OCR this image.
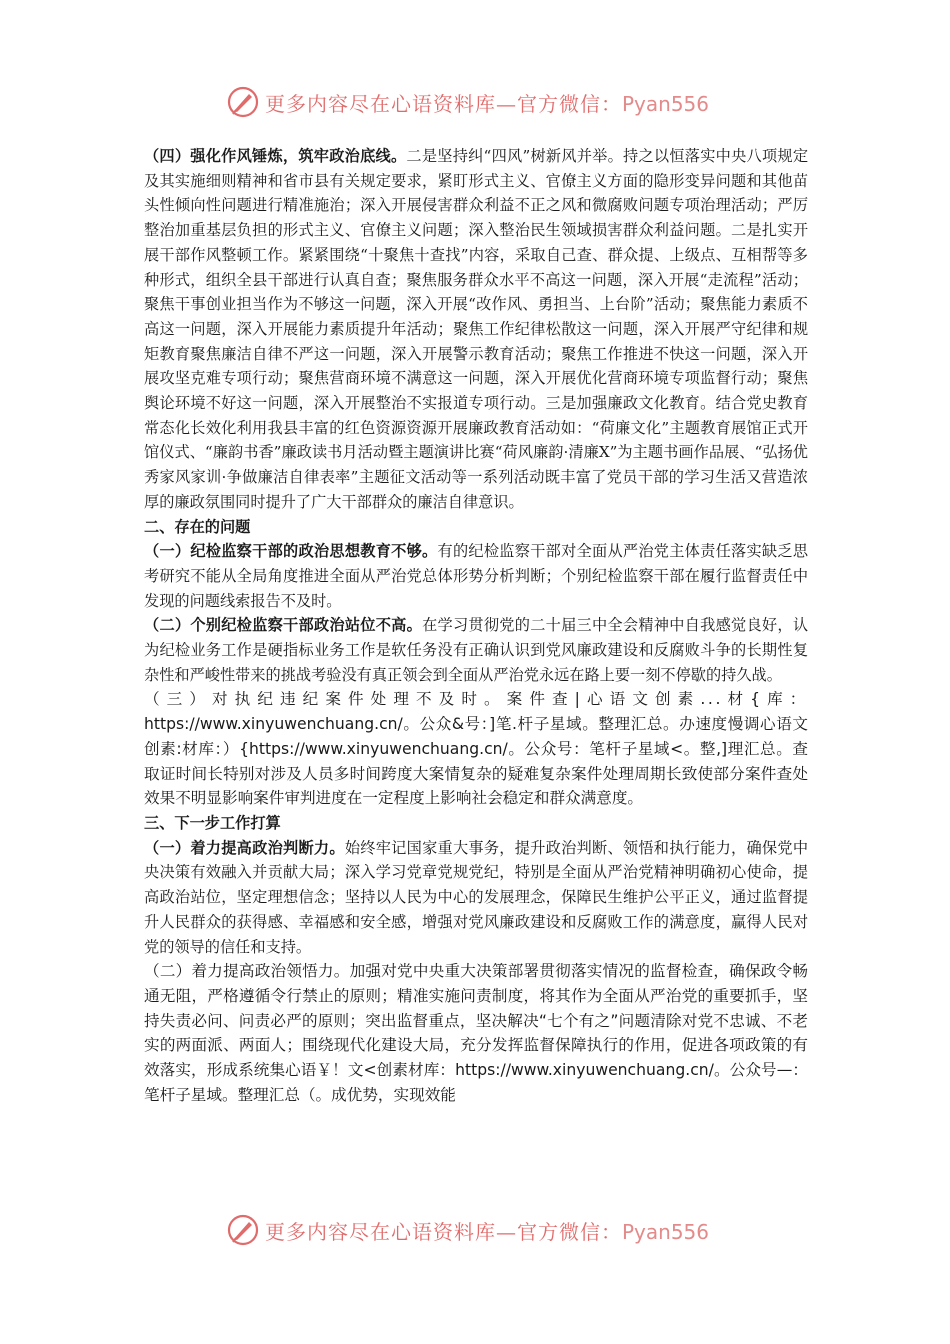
更多内容尽在心语资料库—官方微信：Pyan556

（四）强化作风锤炼，筑牢政治底线。二是坚持纠“四风”树新风并举。持之以恒落实中央八项规定及其实施细则精神和省市县有关规定要求，紧盯形式主义、官僚主义方面的隐形变异问题和其他苗头性倾向性问题进行精准施治；深入开展侵害群众利益不正之风和微腐败问题专项治理活动；严厉整治加重基层负担的形式主义、官僚主义问题；深入整治民生领域损害群众利益问题。二是扎实开展干部作风整顿工作。紧紧围绕“十聚焦十查找”内容，采取自己查、群众提、上级点、互相帮等多种形式，组织全县干部进行认真自查；聚焦服务群众水平不高这一问题，深入开展“走流程”活动；聚焦干事创业担当作为不够这一问题，深入开展“改作风、勇担当、上台阶”活动；聚焦能力素质不高这一问题，深入开展能力素质提升年活动；聚焦工作纪律松散这一问题，深入开展严守纪律和规矩教育聚焦廉洁自律不严这一问题，深入开展警示教育活动；聚焦工作推进不快这一问题，深入开展攻坚克难专项行动；聚焦营商环境不满意这一问题，深入开展优化营商环境专项监督行动；聚焦舆论环境不好这一问题，深入开展整治不实报道专项行动。三是加强廉政文化教育。结合党史教育常态化长效化利用我县丰富的红色资源资源开展廉政教育活动如：“荷廉文化”主题教育展馆正式开馆仪式、“廉韵书香”廉政读书月活动暨主题演讲比赛“荷风廉韵·清廉X”为主题书画作品展、“弘扬优秀家风家训·争做廉洁自律表率”主题征文活动等一系列活动既丰富了党员干部的学习生活又营造浓厚的廉政氛围同时提升了广大干部群众的廉洁自律意识。

二、存在的问题

（一）纪检监察干部的政治思想教育不够。有的纪检监察干部对全面从严治党主体责任落实缺乏思考研究不能从全局角度推进全面从严治党总体形势分析判断；个别纪检监察干部在履行监督责任中发现的问题线索报告不及时。

（二）个别纪检监察干部政治站位不高。在学习贯彻党的二十届三中全会精神中自我感觉良好，认为纪检业务工作是硬指标业务工作是软任务没有正确认识到党风廉政建设和反腐败斗争的长期性复杂性和严峻性带来的挑战考验没有真正领会到全面从严治党永远在路上要一刻不停歇的持久战。

（三）对执纪违纪案件处理不及时。案件查|心语文创素...材{库：https://www.xinyuwenchuang.cn/。公众&号：]笔.杆子星域。整理汇总。办速度慢调心语文创素:材库：）{https://www.xinyuwenchuang.cn/。公众号：笔杆子星域<。整,]理汇总。查取证时间长特别对涉及人员多时间跨度大案情复杂的疑难复杂案件处理周期长致使部分案件查处效果不明显影响案件审判进度在一定程度上影响社会稳定和群众满意度。

三、下一步工作打算

（一）着力提高政治判断力。始终牢记国家重大事务，提升政治判断、领悟和执行能力，确保党中央决策有效融入并贡献大局；深入学习党章党规党纪，特别是全面从严治党精神明确初心使命，提高政治站位，坚定理想信念；坚持以人民为中心的发展理念，保障民生维护公平正义，通过监督提升人民群众的获得感、幸福感和安全感，增强对党风廉政建设和反腐败工作的满意度，赢得人民对党的领导的信任和支持。

（二）着力提高政治领悟力。加强对党中央重大决策部署贯彻落实情况的监督检查，确保政令畅通无阻，严格遵循令行禁止的原则；精准实施问责制度，将其作为全面从严治党的重要抓手，坚持失责必问、问责必严的原则；突出监督重点，坚决解决“七个有之”问题清除对党不忠诚、不老实的两面派、两面人；围绕现代化建设大局，充分发挥监督保障执行的作用，促进各项政策的有效落实，形成系统集心语￥！文<创素材库：https://www.xinyuwenchuang.cn/。公众号—：笔杆子星域。整理汇总（。成优势，实现效能

更多内容尽在心语资料库—官方微信：Pyan556
